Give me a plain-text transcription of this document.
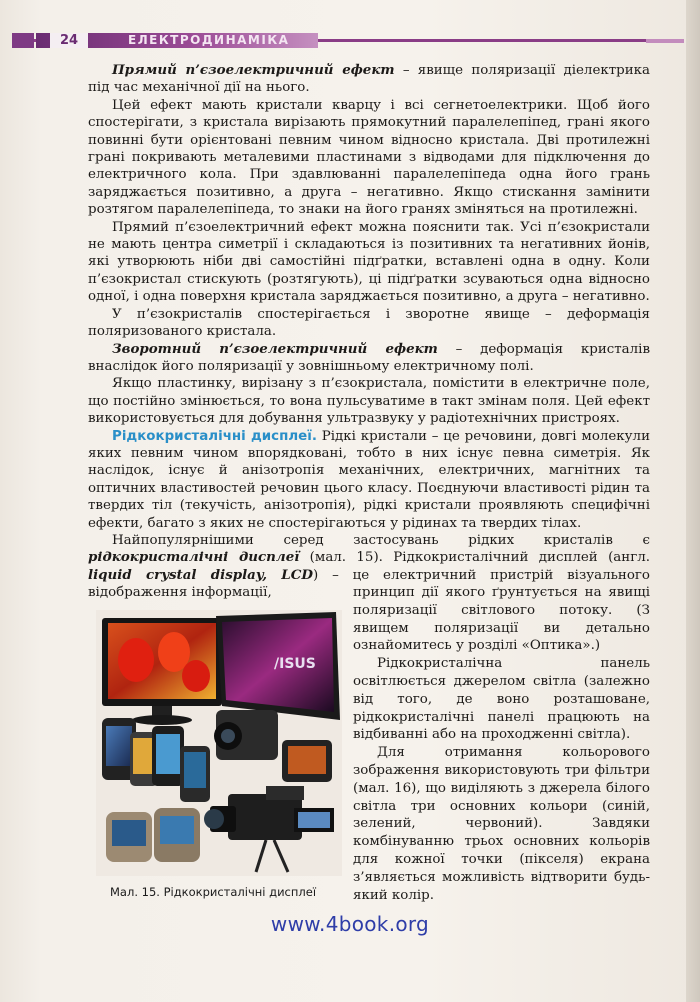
24	ЕЛЕКТРОДИНАМІКА

Прямий п’єзоелектричний ефект – явище поляризації діелектрика під час механічної дії на нього.

Цей ефект мають кристали кварцу і всі сегнетоелектрики. Щоб його спостерігати, з кристала вирізають прямокутний паралелепіпед, грані якого повинні бути орієнтовані певним чином відносно кристала. Дві протилежні грані покривають металевими пластинами з відводами для підключення до електричного кола. При здавлюванні паралелепіпеда одна його грань заряджається позитивно, а друга – негативно. Якщо стискання замінити розтягом паралелепіпеда, то знаки на його гранях зміняться на протилежні.

Прямий п’єзоелектричний ефект можна пояснити так. Усі п’єзокристали не мають центра симетрії і складаються із позитивних та негативних йонів, які утворюють ніби дві самостійні підґратки, вставлені одна в одну. Коли п’єзокристал стискують (розтягують), ці підґратки зсуваються одна відносно одної, і одна поверхня кристала заряджається позитивно, а друга – негативно.

У п’єзокристалів спостерігається і зворотне явище – деформація поляризованого кристала.

Зворотний п’єзоелектричний ефект – деформація кристалів внаслідок його поляризації у зовнішньому електричному полі.

Якщо пластинку, вирізану з п’єзокристала, помістити в електричне поле, що постійно змінюється, то вона пульсуватиме в такт змінам поля. Цей ефект використовується для добування ультразвуку у радіотехнічних пристроях.

Рідкокристалічні дисплеї. Рідкі кристали – це речовини, довгі молекули яких певним чином впорядковані, тобто в них існує певна симетрія. Як наслідок, існує й анізотропія механічних, електричних, магнітних та оптичних властивостей речовин цього класу. Поєднуючи властивості рідин та твердих тіл (текучість, анізотропія), рідкі кристали проявляють специфічні ефекти, багато з яких не спостерігаються у рідинах та твердих тілах.

Найпопулярнішими серед застосувань рідких кристалів є рідкокристалічні дисплеї (мал. 15). Рідкокристалічний дисплей (англ. liquid crystal display, LCD) – це електричний пристрій візуального відображення інформації,

/ISUS
Мал. 15. Рідкокристалічні дисплеї

принцип дії якого ґрунтується на явищі поляризації світлового потоку. (З явищем поляризації ви детально ознайомитесь у розділі «Оптика».)

Рідкокристалічна панель освітлюється джерелом світла (залежно від того, де воно розташоване, рідкокристалічні панелі працюють на відбиванні або на проходженні світла).

Для отримання кольорового зображення використовують три фільтри (мал. 16), що виділяють з джерела білого світла три основних кольори (синій, зелений, червоний). Завдяки комбінуванню трьох основних кольорів для кожної точки (пікселя) екрана з’являється можливість відтворити будь-який колір.

www.4book.org
